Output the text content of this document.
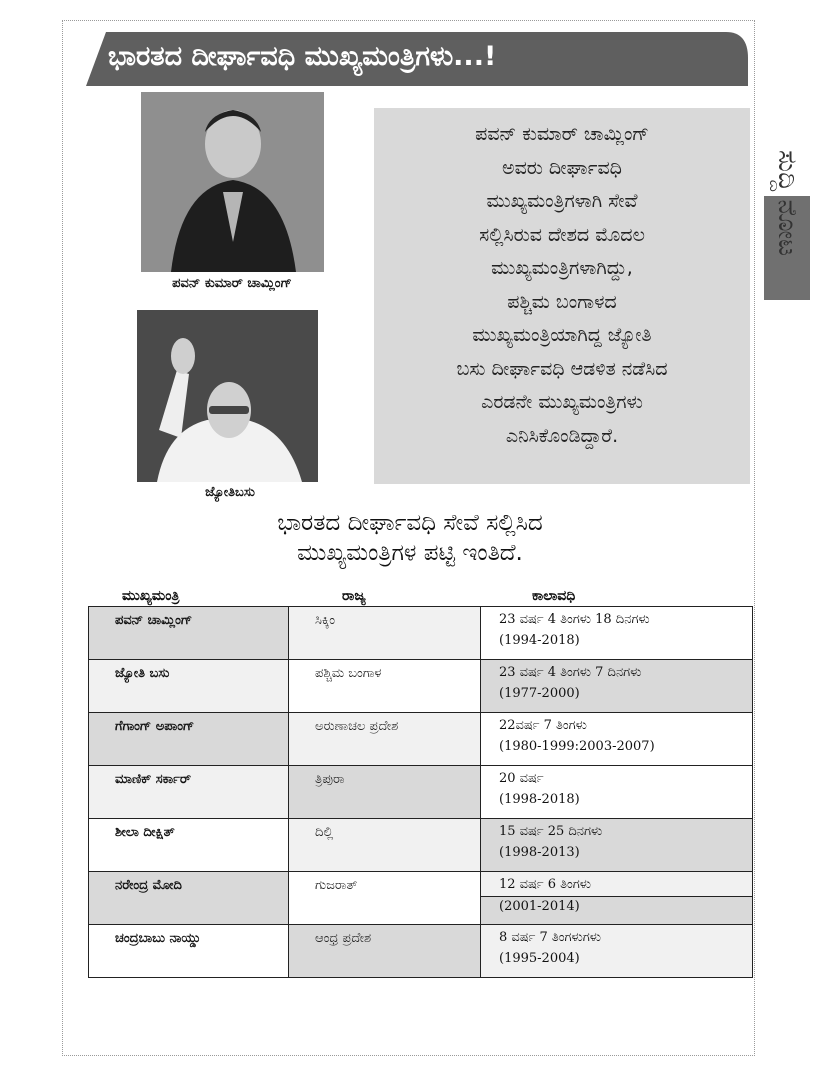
ಭಾರತದ ದೀರ್ಘಾವಧಿ ಮುಖ್ಯಮಂತ್ರಿಗಳು...!
ಪವನ್ ಕುಮಾರ್ ಚಾಮ್ಲಿಂಗ್
ಜ್ಯೋತಿಬಸು
ಪವನ್ ಕುಮಾರ್ ಚಾಮ್ಲಿಂಗ್
ಅವರು ದೀರ್ಘಾವಧಿ
ಮುಖ್ಯಮಂತ್ರಿಗಳಾಗಿ ಸೇವೆ
ಸಲ್ಲಿಸಿರುವ ದೇಶದ ಮೊದಲ
ಮುಖ್ಯಮಂತ್ರಿಗಳಾಗಿದ್ದು,
ಪಶ್ಚಿಮ ಬಂಗಾಳದ
ಮುಖ್ಯಮಂತ್ರಿಯಾಗಿದ್ದ ಜ್ಯೋತಿ
ಬಸು ದೀರ್ಘಾವಧಿ ಆಡಳಿತ ನಡೆಸಿದ
ಎರಡನೇ ಮುಖ್ಯಮಂತ್ರಿಗಳು
ಎನಿಸಿಕೊಂಡಿದ್ದಾರೆ.
ಸುದ್ದಿ ನೋಟ
ಭಾರತದ ದೀರ್ಘಾವಧಿ ಸೇವೆ ಸಲ್ಲಿಸಿದ
ಮುಖ್ಯಮಂತ್ರಿಗಳ ಪಟ್ಟಿ ಇಂತಿದೆ.
ಮುಖ್ಯಮಂತ್ರಿ	ರಾಜ್ಯ	ಕಾಲಾವಧಿ
ಪವನ್ ಚಾಮ್ಲಿಂಗ್	ಸಿಕ್ಕಿಂ	23 ವರ್ಷ 4 ತಿಂಗಳು 18 ದಿನಗಳು
(1994-2018)

ಜ್ಯೋತಿ ಬಸು	ಪಶ್ಚಿಮ ಬಂಗಾಳ	23 ವರ್ಷ 4 ತಿಂಗಳು 7 ದಿನಗಳು
(1977-2000)

ಗೆಗಾಂಗ್ ಅಪಾಂಗ್	ಅರುಣಾಚಲ ಪ್ರದೇಶ	22ವರ್ಷ 7 ತಿಂಗಳು
(1980-1999:2003-2007)

ಮಾಣಿಕ್ ಸರ್ಕಾರ್	ತ್ರಿಪುರಾ	20 ವರ್ಷ
(1998-2018)

ಶೀಲಾ ದೀಕ್ಷಿತ್	ದಿಲ್ಲಿ	15 ವರ್ಷ 25 ದಿನಗಳು
(1998-2013)

ನರೇಂದ್ರ ಮೋದಿ	ಗುಜರಾತ್	12 ವರ್ಷ 6 ತಿಂಗಳು
(2001-2014)

ಚಂದ್ರಬಾಬು ನಾಯ್ಡು	ಆಂಧ್ರ ಪ್ರದೇಶ	8 ವರ್ಷ 7 ತಿಂಗಳುಗಳು
(1995-2004)
